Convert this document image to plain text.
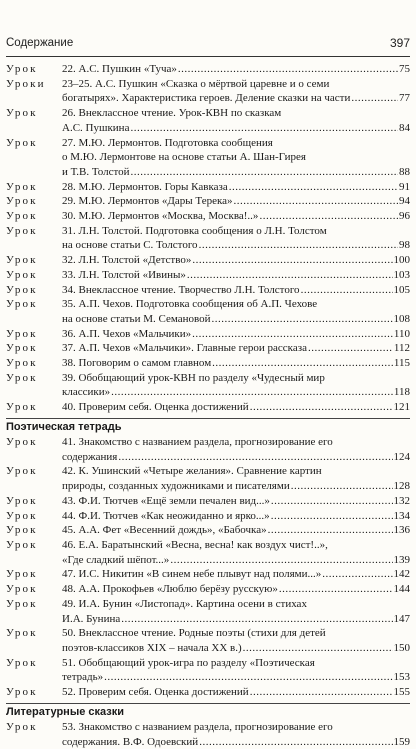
Содержание	397
Урок	22. А.С. Пушкин «Туча» .....	75
Уроки	23–25. А.С. Пушкин «Сказка о мёртвой царевне и о семи
богатырях». Характеристика героев. Деление сказки на части .....	77
Урок	26. Внеклассное чтение. Урок-КВН по сказкам
А.С. Пушкина .....	84
Урок	27. М.Ю. Лермонтов. Подготовка сообщения
о М.Ю. Лермонтове на основе статьи А. Шан-Гирея
и Т.В. Толстой .....	88
Урок	28. М.Ю. Лермонтов. Горы Кавказа .....	91
Урок	29. М.Ю. Лермонтов «Дары Терека» .....	94
Урок	30. М.Ю. Лермонтов «Москва, Москва!..» .....	96
Урок	31. Л.Н. Толстой. Подготовка сообщения о Л.Н. Толстом
на основе статьи С. Толстого .....	98
Урок	32. Л.Н. Толстой «Детство» .....	100
Урок	33. Л.Н. Толстой «Ивины» .....	103
Урок	34. Внеклассное чтение. Творчество Л.Н. Толстого .....	105
Урок	35. А.П. Чехов. Подготовка сообщения об А.П. Чехове
на основе статьи М. Семановой .....	108
Урок	36. А.П. Чехов «Мальчики» .....	110
Урок	37. А.П. Чехов «Мальчики». Главные герои рассказа .....	112
Урок	38. Поговорим о самом главном .....	115
Урок	39. Обобщающий урок-КВН по разделу «Чудесный мир
классики» .....	118
Урок	40. Проверим себя. Оценка достижений .....	121
Поэтическая тетрадь
Урок	41. Знакомство с названием раздела, прогнозирование его
содержания .....	124
Урок	42. К. Ушинский «Четыре желания». Сравнение картин
природы, созданных художниками и писателями .....	128
Урок	43. Ф.И. Тютчев «Ещё земли печален вид...» .....	132
Урок	44. Ф.И. Тютчев «Как неожиданно и ярко...» .....	134
Урок	45. А.А. Фет «Весенний дождь», «Бабочка» .....	136
Урок	46. Е.А. Баратынский «Весна, весна! как воздух чист!..»,
«Где сладкий шёпот...» .....	139
Урок	47. И.С. Никитин «В синем небе плывут над полями...» .....	142
Урок	48. А.А. Прокофьев «Люблю берёзу русскую» .....	144
Урок	49. И.А. Бунин «Листопад». Картина осени в стихах
И.А. Бунина .....	147
Урок	50. Внеклассное чтение. Родные поэты (стихи для детей
поэтов-классиков XIX – начала XX в.) .....	150
Урок	51. Обобщающий урок-игра по разделу «Поэтическая
тетрадь» .....	153
Урок	52. Проверим себя. Оценка достижений .....	155
Литературные сказки
Урок	53. Знакомство с названием раздела, прогнозирование его
содержания. В.Ф. Одоевский .....	159
